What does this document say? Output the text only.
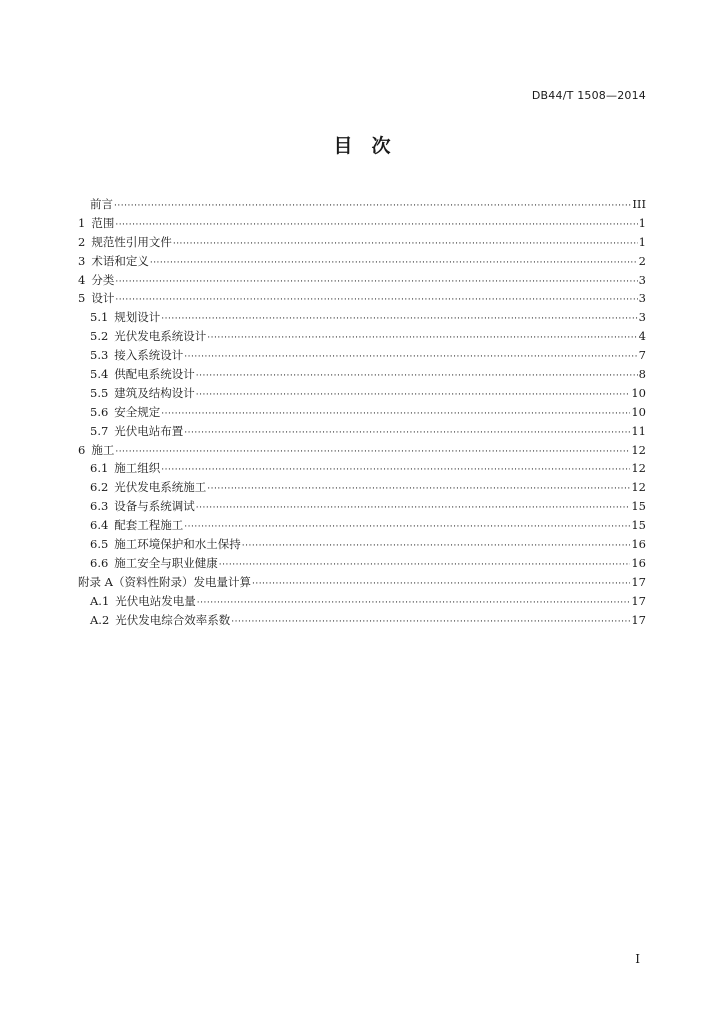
DB44/T 1508—2014
目　次
前言 ·····	III
1 范围 ·····	1
2 规范性引用文件 ·····	1
3 术语和定义 ·····	2
4 分类 ·····	3
5 设计 ·····	3
5.1 规划设计 ·····	3
5.2 光伏发电系统设计 ·····	4
5.3 接入系统设计 ·····	7
5.4 供配电系统设计 ·····	8
5.5 建筑及结构设计 ·····	10
5.6 安全规定 ·····	10
5.7 光伏电站布置 ·····	11
6 施工 ·····	12
6.1 施工组织 ·····	12
6.2 光伏发电系统施工 ·····	12
6.3 设备与系统调试 ·····	15
6.4 配套工程施工 ·····	15
6.5 施工环境保护和水土保持 ·····	16
6.6 施工安全与职业健康 ·····	16
附录 A（资料性附录）发电量计算 ·····	17
A.1 光伏电站发电量 ·····	17
A.2 光伏发电综合效率系数 ·····	17
I
